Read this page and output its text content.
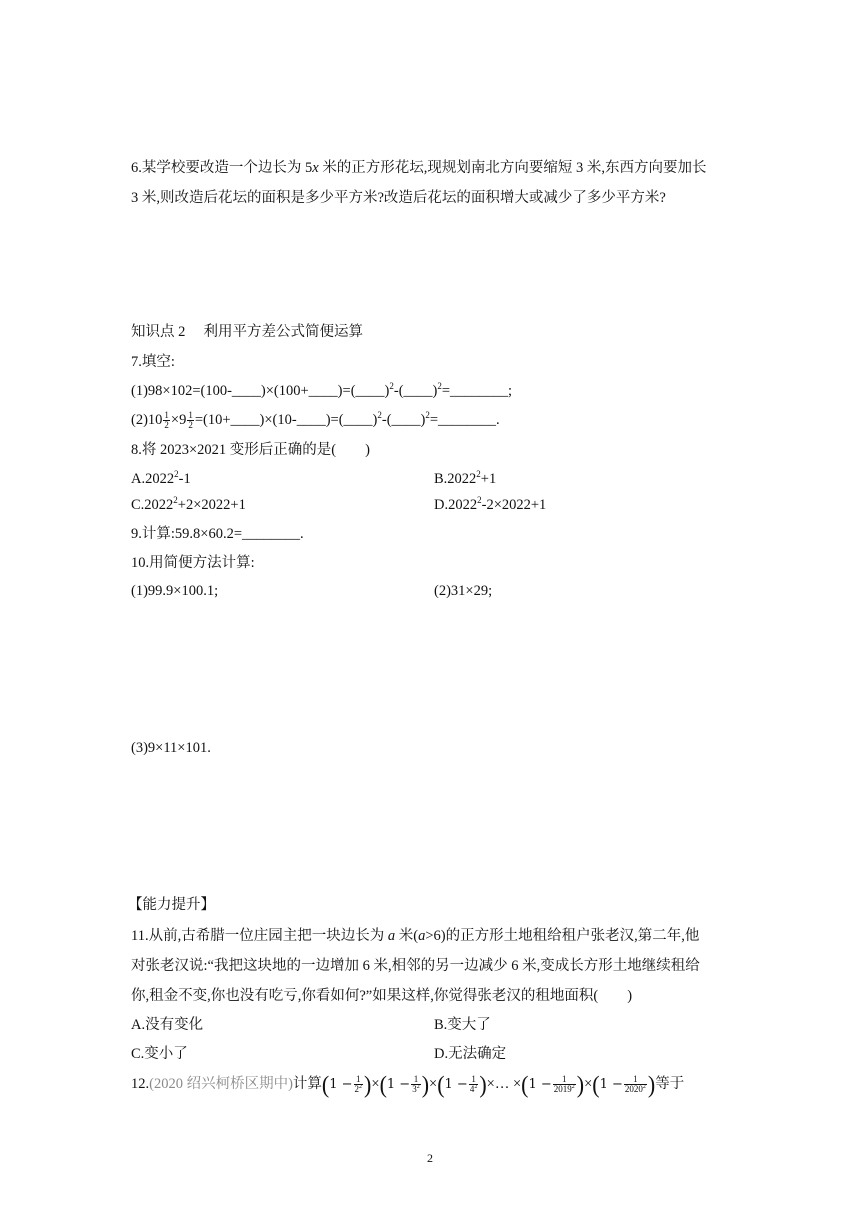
6.某学校要改造一个边长为 5x 米的正方形花坛,现规划南北方向要缩短 3 米,东西方向要加长
3 米,则改造后花坛的面积是多少平方米?改造后花坛的面积增大或减少了多少平方米?
知识点 2　 利用平方差公式简便运算
7.填空:
(1)98×102=(100-____)×(100+____)=(____)$^2$-(____)$^2$=________;
$(2)10 \frac{1}{2} \times 9 \frac{1}{2}$ =(10+____)×(10-____)=(____)$^2$-(____)$^2$=________.
8.将 2023×2021 变形后正确的是(　　)
A.2022$^2$-1	$B.2022^2+1$
$C.2022^2+2\times 2022+1$	$D.2022^2-2\times 2022+1$
9.计算:59.8×60.2=________.
10.用简便方法计算:
(1)99.9×100.1;	(2)31×29;
(3)9×11×101.
【能力提升】
11.从前,古希腊一位庄园主把一块边长为 a 米(a>6)的正方形土地租给租户张老汉,第二年,他
对张老汉说:“我把这块地的一边增加 6 米,相邻的另一边减少 6 米,变成长方形土地继续租给
你,租金不变,你也没有吃亏,你看如何?”如果这样,你觉得张老汉的租地面积(　　)
A.没有变化	B.变大了
C.变小了	D.无法确定
12.(2020 绍兴柯桥区期中)计算$(1 - \frac{1}{2^2} )\times(1 - \frac{1}{3^2} )\times(1 - \frac{1}{4^2}$ )×… $\times(1 - \frac{1}{2019^2} )\times(1 - \frac{1}{2020^2}$ )等于
2
